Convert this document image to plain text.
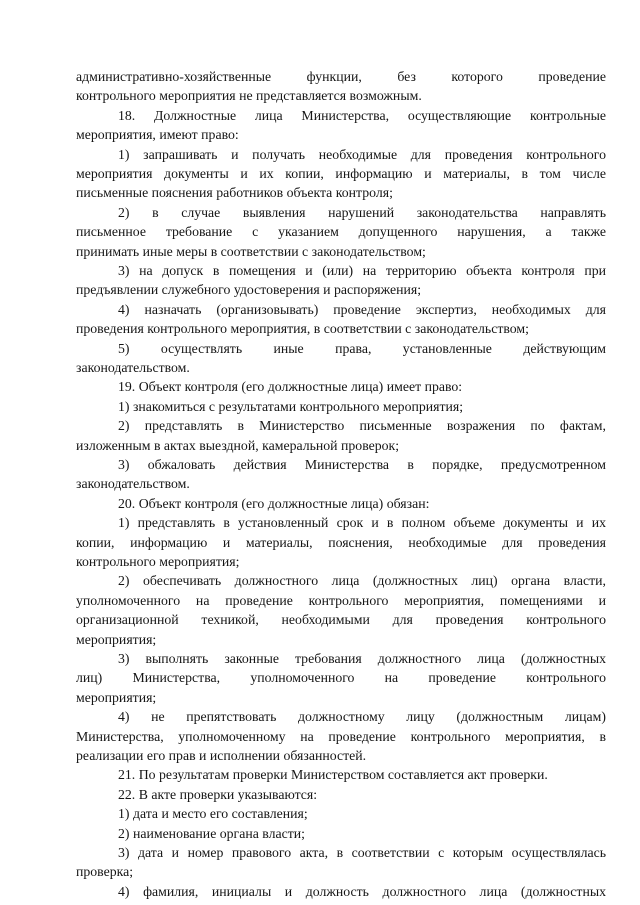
административно-хозяйственные функции, без которого проведение
контрольного мероприятия не представляется возможным.
18. Должностные лица Министерства, осуществляющие контрольные
мероприятия, имеют право:
1) запрашивать и получать необходимые для проведения контрольного
мероприятия документы и их копии, информацию и материалы, в том числе
письменные пояснения работников объекта контроля;
2) в случае выявления нарушений законодательства направлять
письменное требование с указанием допущенного нарушения, а также
принимать иные меры в соответствии с законодательством;
3) на допуск в помещения и (или) на территорию объекта контроля при
предъявлении служебного удостоверения и распоряжения;
4) назначать (организовывать) проведение экспертиз, необходимых для
проведения контрольного мероприятия, в соответствии с законодательством;
5) осуществлять иные права, установленные действующим
законодательством.
19. Объект контроля (его должностные лица) имеет право:
1) знакомиться с результатами контрольного мероприятия;
2) представлять в Министерство письменные возражения по фактам,
изложенным в актах выездной, камеральной проверок;
3) обжаловать действия Министерства в порядке, предусмотренном
законодательством.
20. Объект контроля (его должностные лица) обязан:
1) представлять в установленный срок и в полном объеме документы и их
копии, информацию и материалы, пояснения, необходимые для проведения
контрольного мероприятия;
2) обеспечивать должностного лица (должностных лиц) органа власти,
уполномоченного на проведение контрольного мероприятия, помещениями и
организационной техникой, необходимыми для проведения контрольного
мероприятия;
3) выполнять законные требования должностного лица (должностных
лиц) Министерства, уполномоченного на проведение контрольного
мероприятия;
4) не препятствовать должностному лицу (должностным лицам)
Министерства, уполномоченному на проведение контрольного мероприятия, в
реализации его прав и исполнении обязанностей.
21. По результатам проверки Министерством составляется акт проверки.
22. В акте проверки указываются:
1) дата и место его составления;
2) наименование органа власти;
3) дата и номер правового акта, в соответствии с которым осуществлялась
проверка;
4) фамилия, инициалы и должность должностного лица (должностных
